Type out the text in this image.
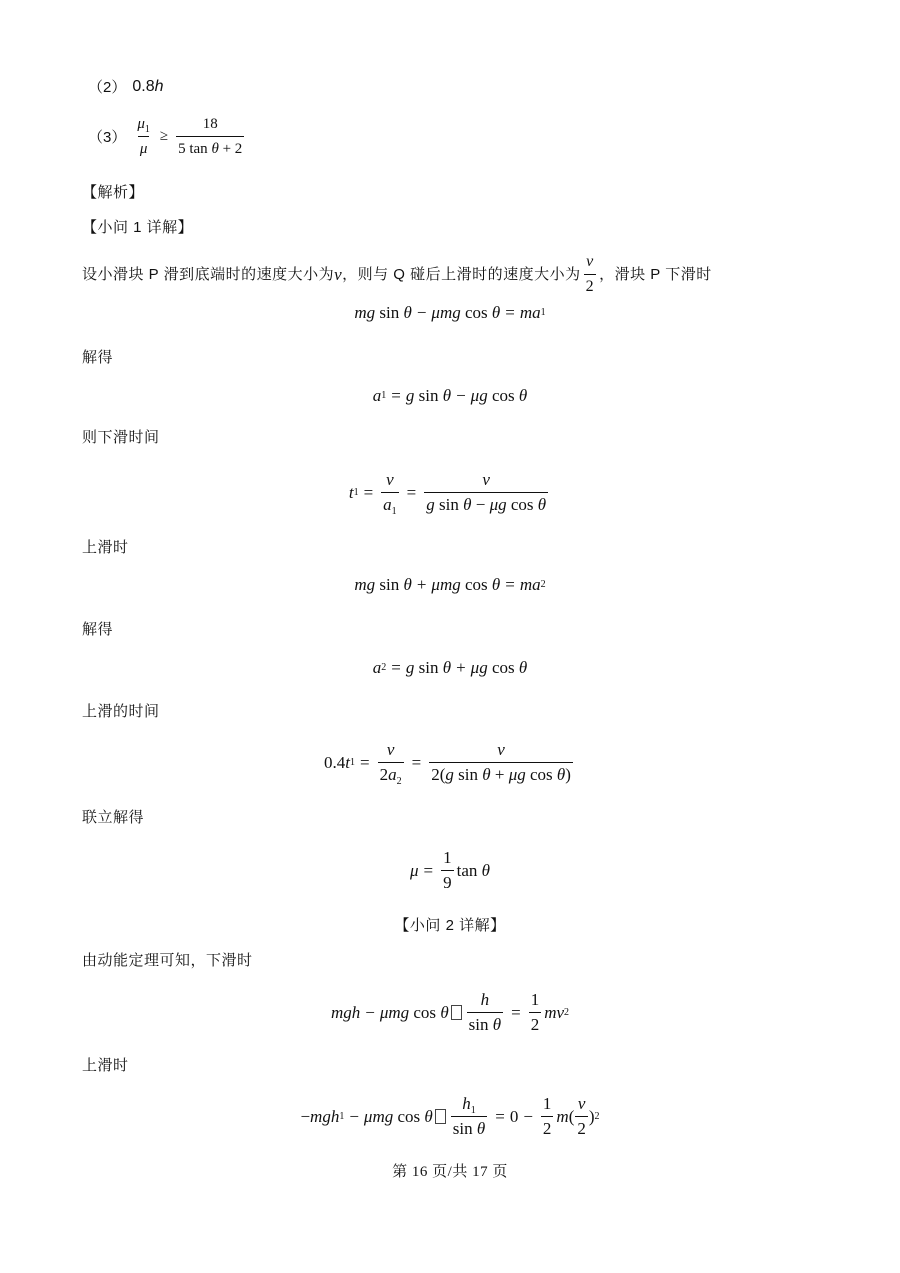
（2） 0.8 h
$(3) \frac{\mu_1}{\mu} \ge \frac{18}{\text{5 tan θ + 2}}$
【解析】
【小问 1 详解】
设小滑块 P 滑到底端时的速度大小为 v ，则与 Q 碰后上滑时的速度大小为 $\frac{v}{2}$ ，滑块 P 下滑时
mg sin θ − μmg cos θ = ma 1
解得
a 1 = g sin θ − μg cos θ
则下滑时间
t $1 = \frac{v}{a_1} = \frac{v}{\text{g sin θ − μg cos θ}}$
上滑时
mg sin θ + μmg cos θ = ma 2
解得
a 2 = g sin θ + μg cos θ
上滑的时间
0.4 t $1 = \frac{v}{2a_2} = \frac{v}{\text{2(g sin θ + μg cos θ)}}$
联立解得
$\mu = \frac{1}{9}$ tan θ
【小问 2 详解】
由动能定理可知，下滑时
mgh − μmg cos θ $\frac{h}{\text{sin θ}} = \frac{1}{2}$ mv 2
上滑时
− mgh 1 − μmg cos θ $\frac{h_1}{\text{sin θ}} = 0 - \frac{1}{2}$ m ( $\frac{v}{2}$ ) 2
第 16 页/共 17 页
